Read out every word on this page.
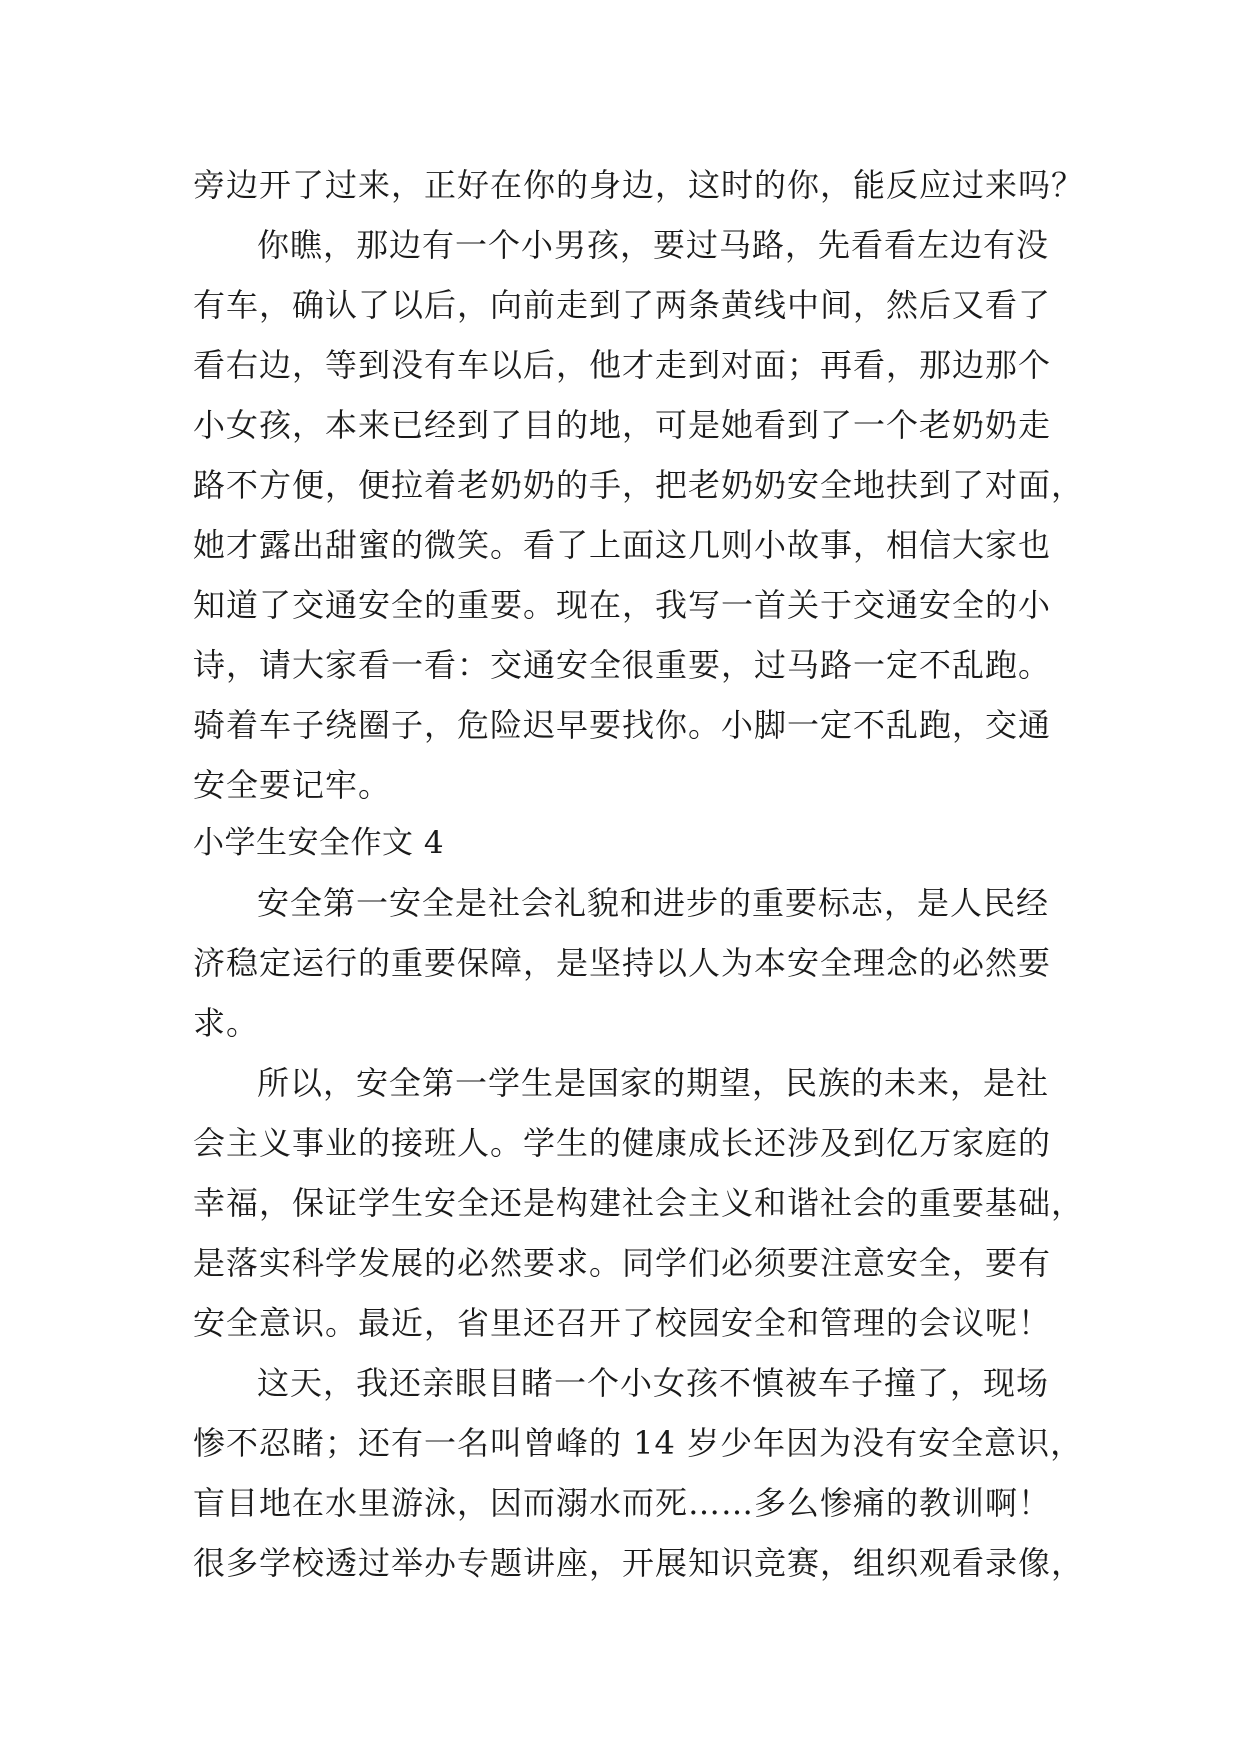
旁边开了过来，正好在你的身边，这时的你，能反应过来吗？
你瞧，那边有一个小男孩，要过马路，先看看左边有没
有车，确认了以后，向前走到了两条黄线中间，然后又看了
看右边，等到没有车以后，他才走到对面；再看，那边那个
小女孩，本来已经到了目的地，可是她看到了一个老奶奶走
路不方便，便拉着老奶奶的手，把老奶奶安全地扶到了对面，
她才露出甜蜜的微笑。看了上面这几则小故事，相信大家也
知道了交通安全的重要。现在，我写一首关于交通安全的小
诗，请大家看一看：交通安全很重要，过马路一定不乱跑。
骑着车子绕圈子，危险迟早要找你。小脚一定不乱跑，交通
安全要记牢。
小学生安全作文 4
安全第一安全是社会礼貌和进步的重要标志，是人民经
济稳定运行的重要保障，是坚持以人为本安全理念的必然要
求。
所以，安全第一学生是国家的期望，民族的未来，是社
会主义事业的接班人。学生的健康成长还涉及到亿万家庭的
幸福，保证学生安全还是构建社会主义和谐社会的重要基础，
是落实科学发展的必然要求。同学们必须要注意安全，要有
安全意识。最近，省里还召开了校园安全和管理的会议呢！
这天，我还亲眼目睹一个小女孩不慎被车子撞了，现场
惨不忍睹；还有一名叫曾峰的 14 岁少年因为没有安全意识，
盲目地在水里游泳，因而溺水而死……多么惨痛的教训啊！
很多学校透过举办专题讲座，开展知识竞赛，组织观看录像，
